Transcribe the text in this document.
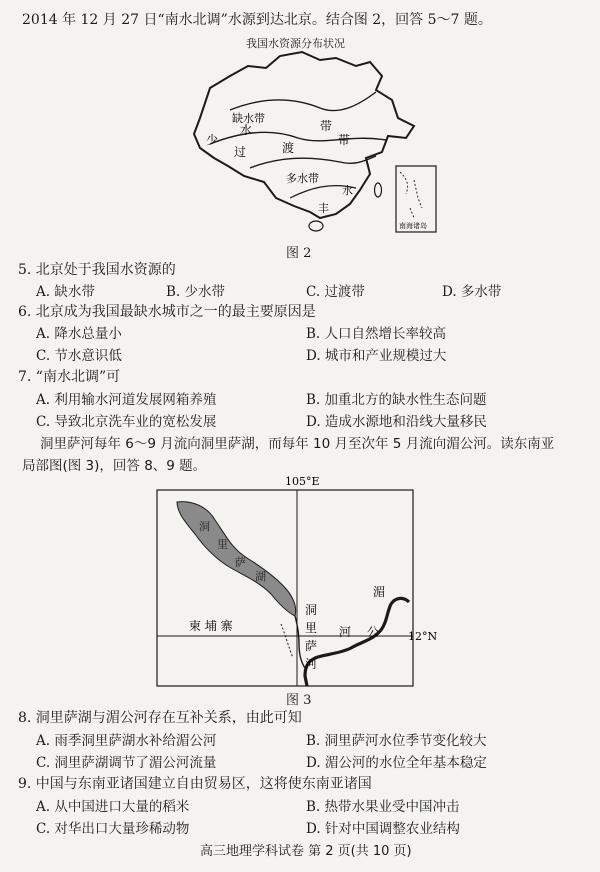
2014 年 12 月 27 日“南水北调”水源到达北京。结合图 2，回答 5～7 题。
我国水资源分布状况
缺水带
少
水	带
过	渡
带
多水带
水
丰
南海诸岛
图 2
5. 北京处于我国水资源的
A. 缺水带	B. 少水带	C. 过渡带	D. 多水带
6. 北京成为我国最缺水城市之一的最主要原因是
A. 降水总量小	B. 人口自然增长率较高
C. 节水意识低	D. 城市和产业规模过大
7. “南水北调”可
A. 利用输水河道发展网箱养殖	B. 加重北方的缺水性生态问题
C. 导致北京洗车业的宽松发展	D. 造成水源地和沿线大量移民
洞里萨河每年 6～9 月流向洞里萨湖，而每年 10 月至次年 5 月流向湄公河。读东南亚
局部图(图 3)，回答 8、9 题。
105°E
12°N
洞
里
萨
湖
洞
里
萨
河
柬 埔 寨
湄
公
河
图 3
8. 洞里萨湖与湄公河存在互补关系，由此可知
A. 雨季洞里萨湖水补给湄公河	B. 洞里萨河水位季节变化较大
C. 洞里萨湖调节了湄公河流量	D. 湄公河的水位全年基本稳定
9. 中国与东南亚诸国建立自由贸易区，这将使东南亚诸国
A. 从中国进口大量的稻米	B. 热带水果业受中国冲击
C. 对华出口大量珍稀动物	D. 针对中国调整农业结构
高三地理学科试卷 第 2 页(共 10 页)
